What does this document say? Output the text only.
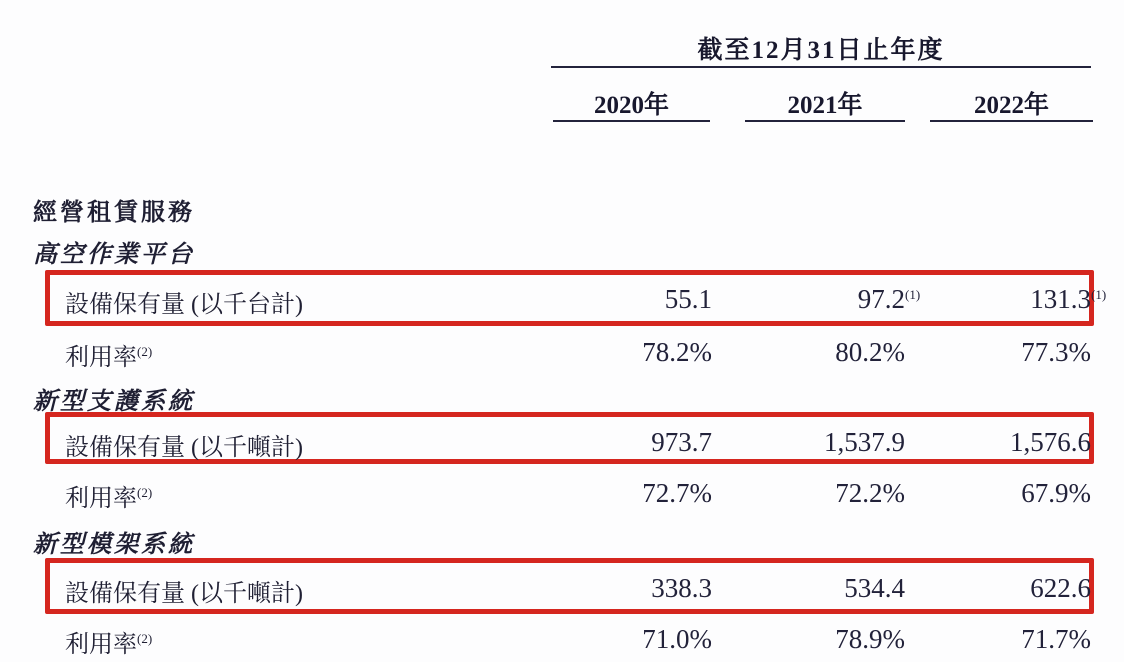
截至12月31日止年度
2020年	2021年	2022年
經營租賃服務
高空作業平台
設備保有量 (以千台計)	55.1	97.2$^{(1)}$	131.3$^{(1)}$
利用率$^{(2)}$	78.2%	80.2%	77.3%
新型支護系統
設備保有量 (以千噸計)	973.7	1,537.9	1,576.6
利用率$^{(2)}$	72.7%	72.2%	67.9%
新型模架系統
設備保有量 (以千噸計)	338.3	534.4	622.6
利用率$^{(2)}$	71.0%	78.9%	71.7%
